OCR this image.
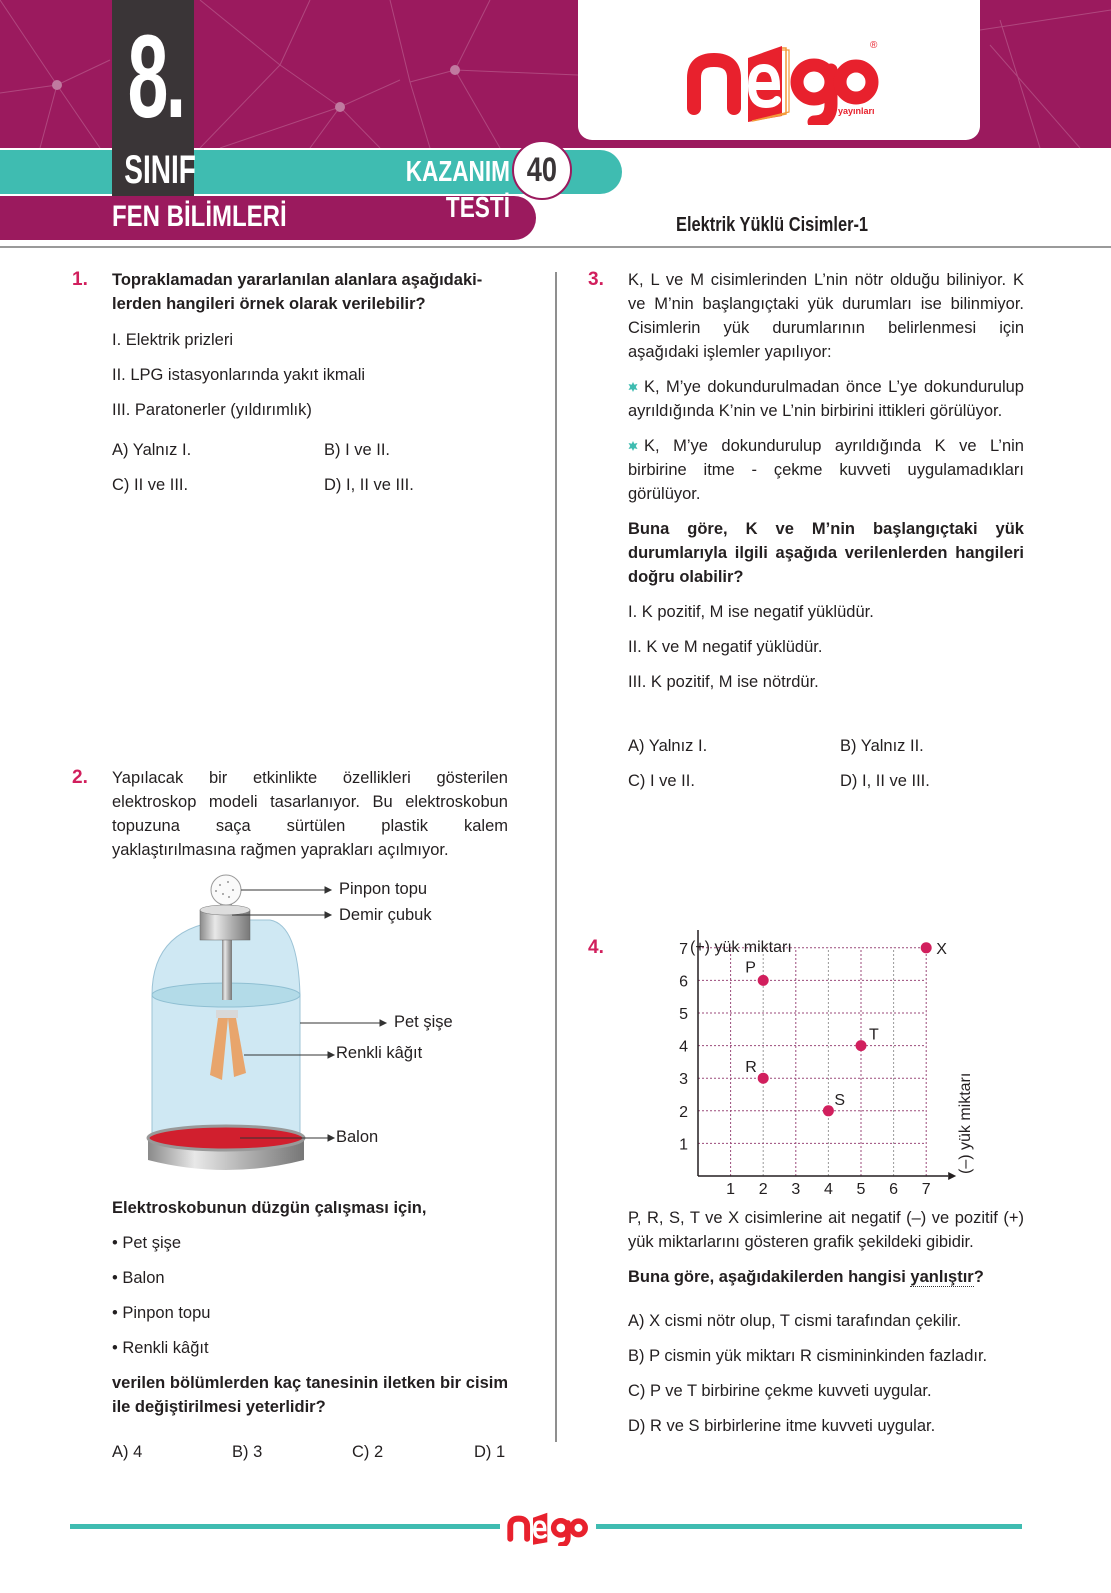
8.
SINIF	KAZANIM TESTİ
40
FEN BİLİMLERİ
®
yayınları
Elektrik Yüklü Cisimler-1
1. Topraklamadan yararlanılan alanlara aşağıdaki-
lerden hangileri örnek olarak verilebilir?
I. Elektrik prizleri
II. LPG istasyonlarında yakıt ikmali
III. Paratonerler (yıldırımlık)
A) Yalnız I.	B) I ve II.
C) II ve III.	D) I, II ve III.
2. Yapılacak bir etkinlikte özellikleri gösterilen elektroskop modeli tasarlanıyor. Bu elektroskobun topuzuna saça sürtülen plastik kalem yaklaştırılmasına rağmen yaprakları açılmıyor.
Pinpon topu
Demir çubuk
Pet şişe
Renkli kâğıt
Balon
Elektroskobunun düzgün çalışması için,
• Pet şişe
• Balon
• Pinpon topu
• Renkli kâğıt
verilen bölümlerden kaç tanesinin iletken bir cisim ile değiştirilmesi yeterlidir?
A) 4	B) 3	C) 2	D) 1
3. K, L ve M cisimlerinden L’nin nötr olduğu biliniyor. K ve M’nin başlangıçtaki yük durumları ise bilinmiyor. Cisimlerin yük durumlarının belirlenmesi için aşağıdaki işlemler yapılıyor:
K, M’ye dokundurulmadan önce L’ye dokundurulup ayrıldığında K’nin ve L’nin birbirini ittikleri görülüyor.
K, M’ye dokundurulup ayrıldığında K ve L’nin birbirine itme - çekme kuvveti uygulamadıkları görülüyor.
Buna göre, K ve M’nin başlangıçtaki yük durumlarıyla ilgili aşağıda verilenlerden hangileri doğru olabilir?
I. K pozitif, M ise negatif yüklüdür.
II. K ve M negatif yüklüdür.
III. K pozitif, M ise nötrdür.
A) Yalnız I.	B) Yalnız II.
C) I ve II.	D) I, II ve III.
4.
1 2 3 4 5 6 7
1
2
3
4
5
6
7
P
R
S
T
X
(+) yük miktarı
(–) yük miktarı
P, R, S, T ve X cisimlerine ait negatif (–) ve pozitif (+) yük miktarlarını gösteren grafik şekildeki gibidir.
Buna göre, aşağıdakilerden hangisi yanlıştır?
A) X cismi nötr olup, T cismi tarafından çekilir.
B) P cismin yük miktarı R cismininkinden fazladır.
C) P ve T birbirine çekme kuvveti uygular.
D) R ve S birbirlerine itme kuvveti uygular.
